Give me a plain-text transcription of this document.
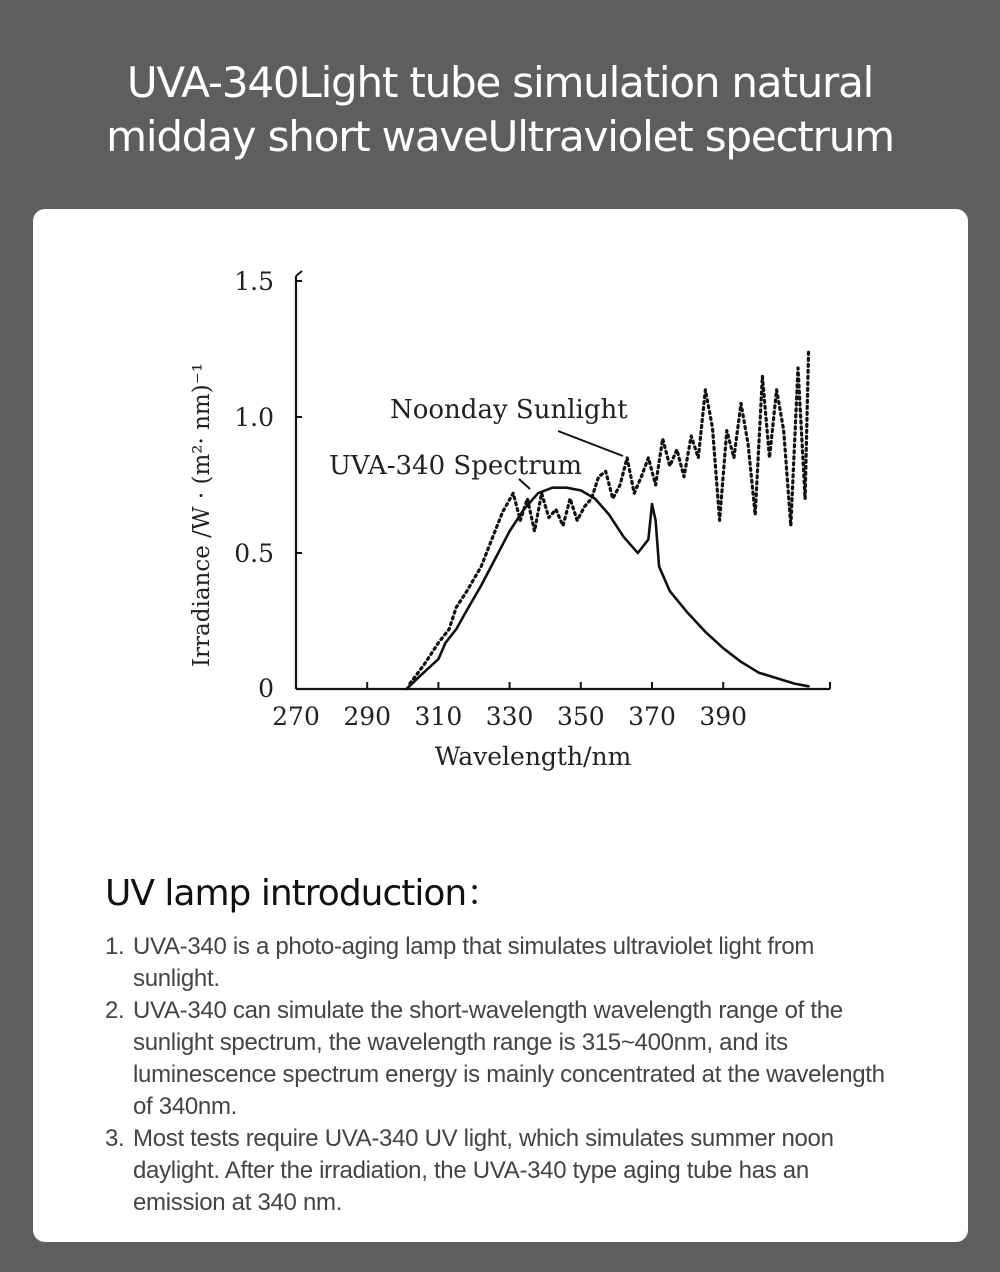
UVA-340Light tube simulation natural
midday short waveUltraviolet spectrum
270 290 310 330 350 370 390
0
0.5
1.0
1.5
Wavelength/nm
Irradiance /W · (m²· nm)⁻¹	Noonday Sunlight
UVA-340 Spectrum
UV lamp introduction：
1. UVA-340 is a photo-aging lamp that simulates ultraviolet light from sunlight.
2. UVA-340 can simulate the short-wavelength wavelength range of the sunlight spectrum, the wavelength range is 315~400nm, and its luminescence spectrum energy is mainly concentrated at the wavelength of 340nm.
3. Most tests require UVA-340 UV light, which simulates summer noon daylight. After the irradiation, the UVA-340 type aging tube has an emission at 340 nm.
